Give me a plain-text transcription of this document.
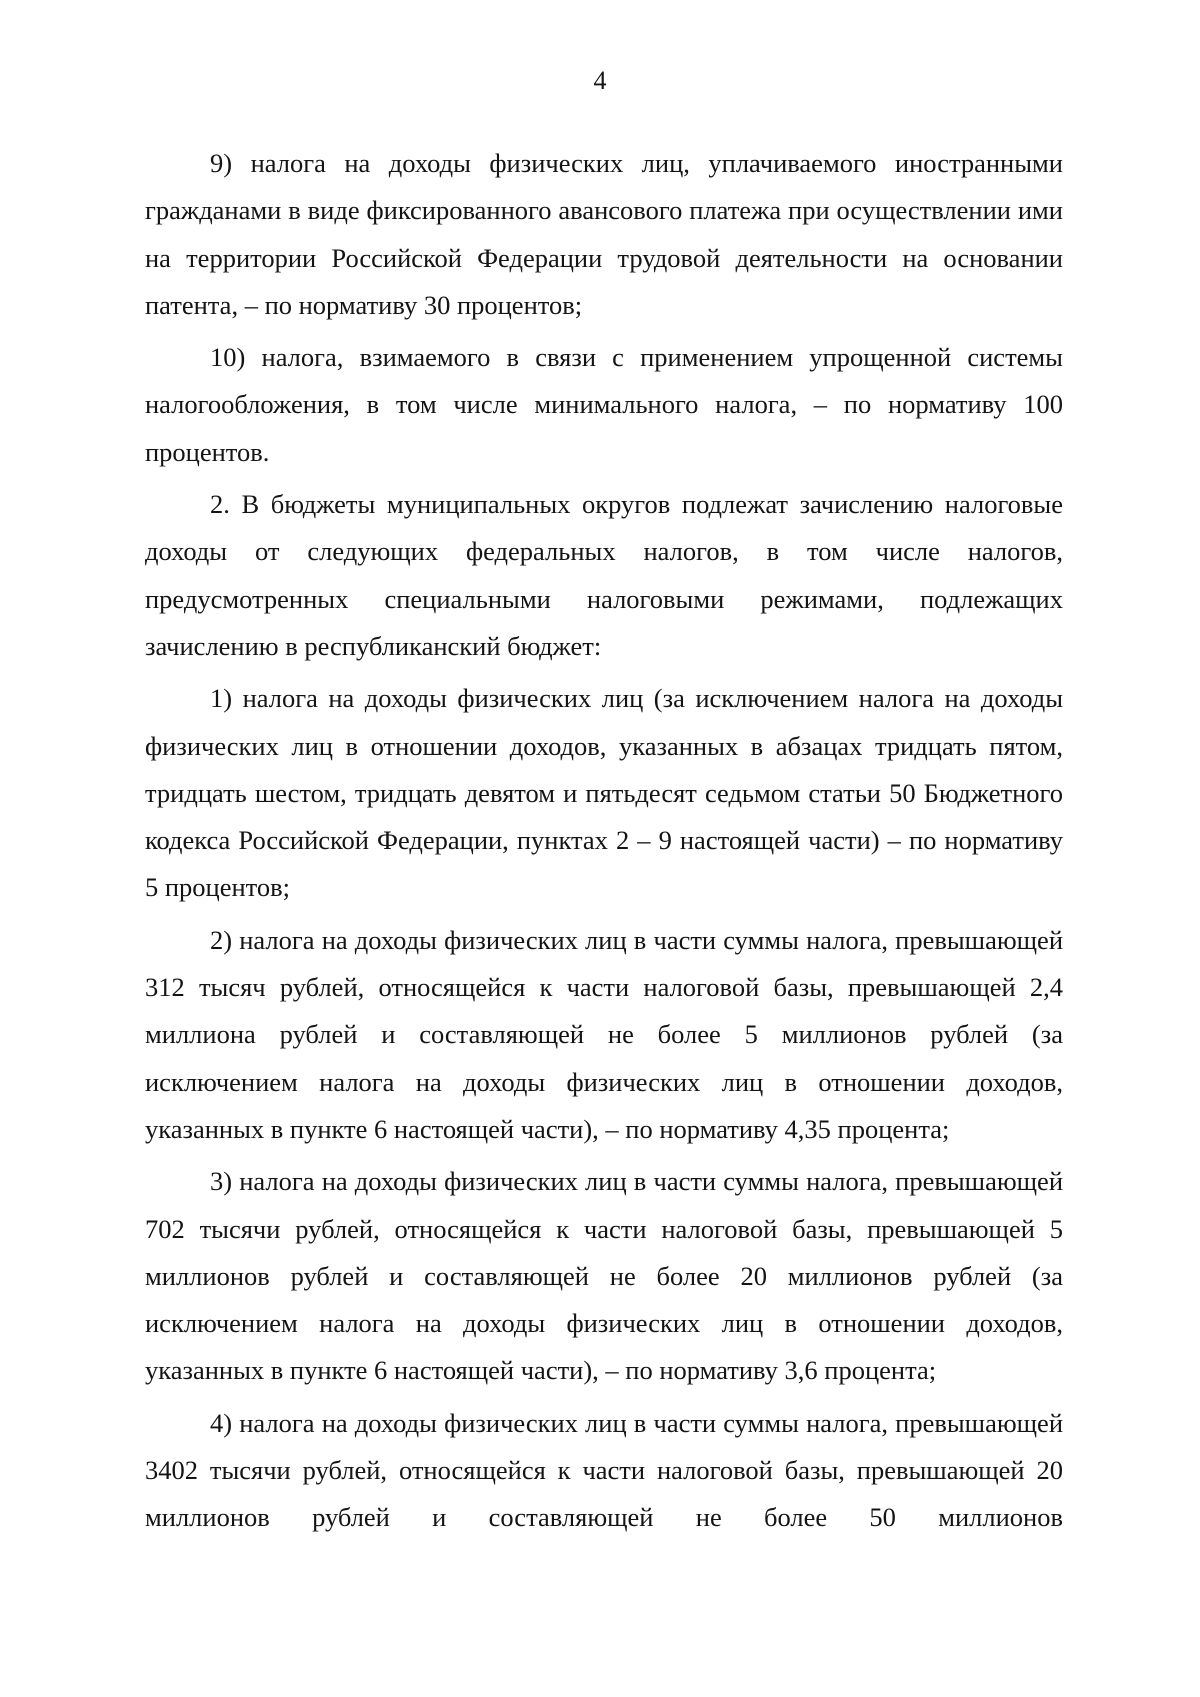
4

9) налога на доходы физических лиц, уплачиваемого иностранными гражданами в виде фиксированного авансового платежа при осуществлении ими на территории Российской Федерации трудовой деятельности на основании патента, – по нормативу 30 процентов;

10) налога, взимаемого в связи с применением упрощенной системы налогообложения, в том числе минимального налога, – по нормативу 100 процентов.

2. В бюджеты муниципальных округов подлежат зачислению налоговые доходы от следующих федеральных налогов, в том числе налогов, предусмотренных специальными налоговыми режимами, подлежащих зачислению в республиканский бюджет:

1) налога на доходы физических лиц (за исключением налога на доходы физических лиц в отношении доходов, указанных в абзацах тридцать пятом, тридцать шестом, тридцать девятом и пятьдесят седьмом статьи 50 Бюджетного кодекса Российской Федерации, пунктах 2 – 9 настоящей части) – по нормативу 5 процентов;

2) налога на доходы физических лиц в части суммы налога, превышающей 312 тысяч рублей, относящейся к части налоговой базы, превышающей 2,4 миллиона рублей и составляющей не более 5 миллионов рублей (за исключением налога на доходы физических лиц в отношении доходов, указанных в пункте 6 настоящей части), – по нормативу 4,35 процента;

3) налога на доходы физических лиц в части суммы налога, превышающей 702 тысячи рублей, относящейся к части налоговой базы, превышающей 5 миллионов рублей и составляющей не более 20 миллионов рублей (за исключением налога на доходы физических лиц в отношении доходов, указанных в пункте 6 настоящей части), – по нормативу 3,6 процента;

4) налога на доходы физических лиц в части суммы налога, превышающей 3402 тысячи рублей, относящейся к части налоговой базы, превышающей 20 миллионов рублей и составляющей не более 50 миллионов
